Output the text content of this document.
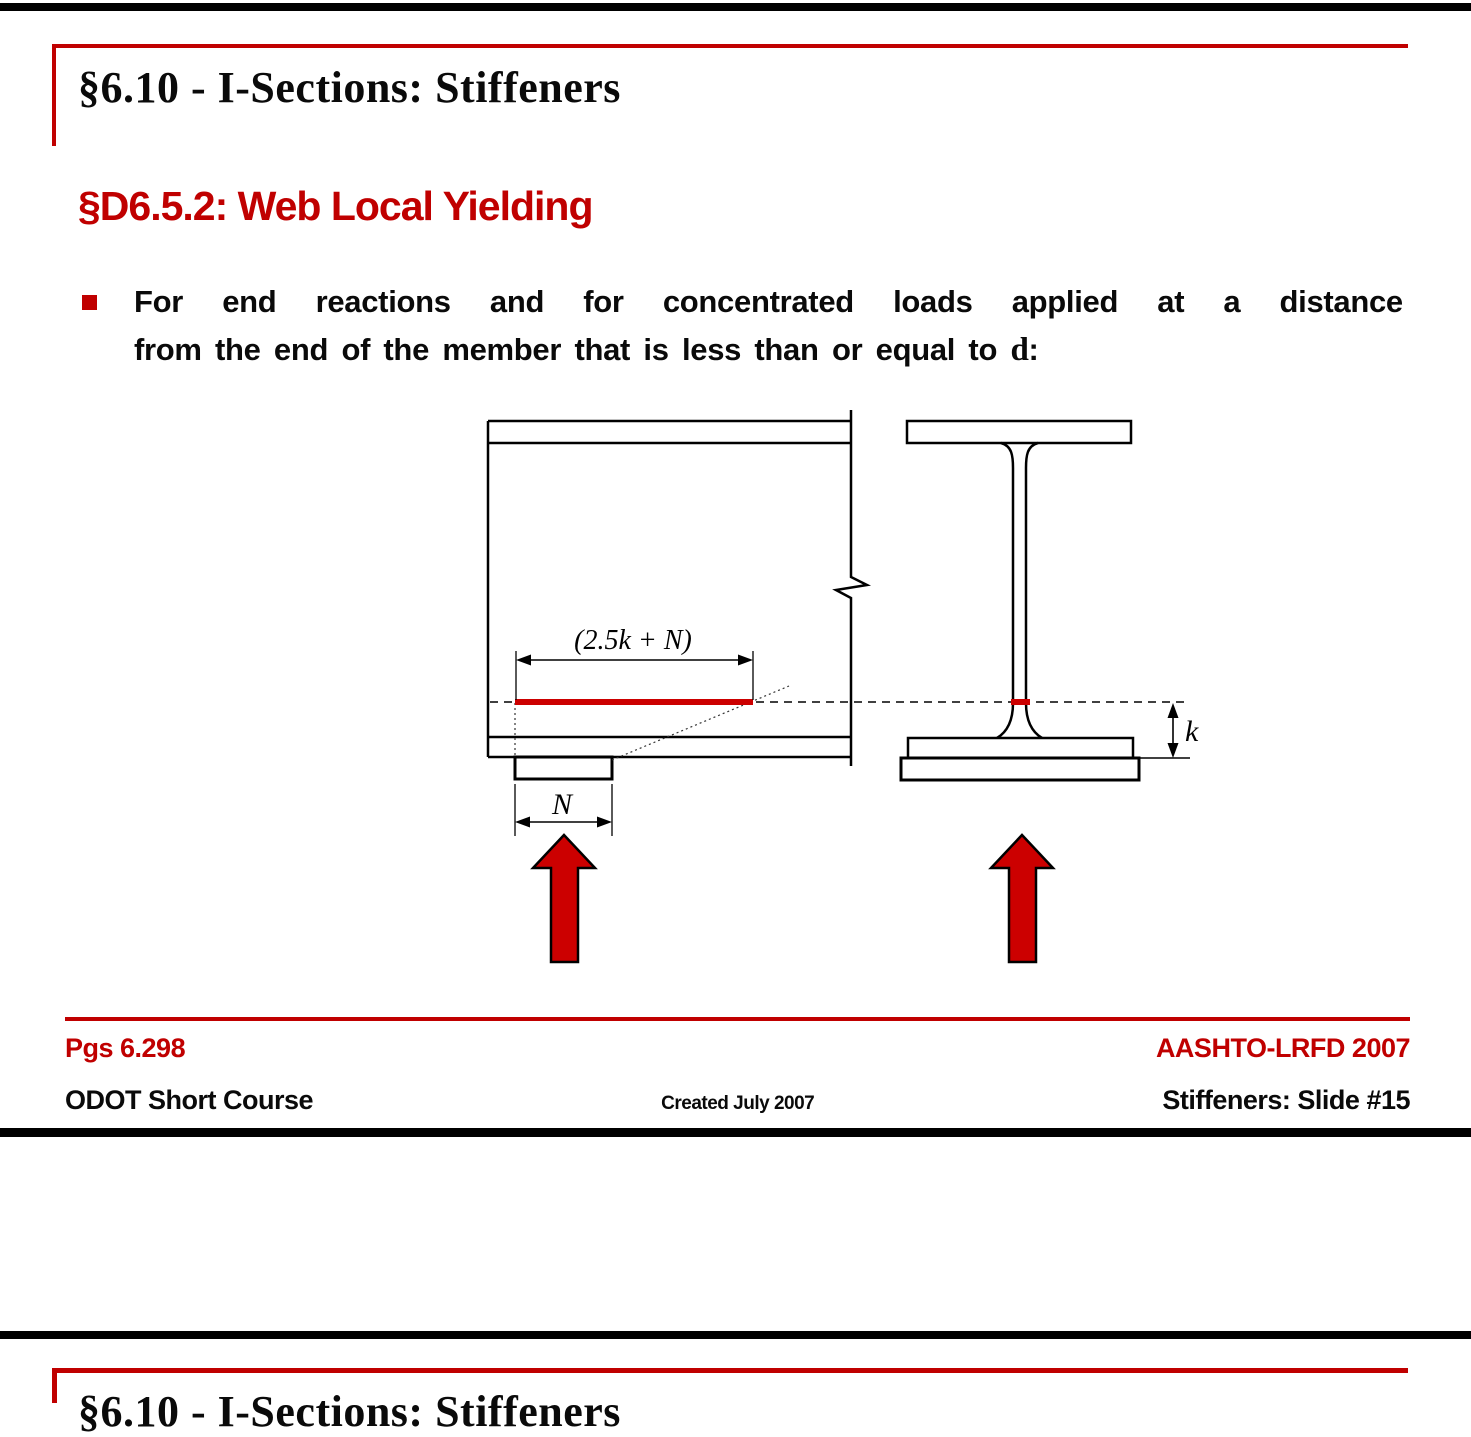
§6.10 - I-Sections: Stiffeners
§D6.5.2: Web Local Yielding
For end reactions and for concentrated loads applied at a distance
from the end of the member that is less than or equal to d:
(2.5k + N)
N
k
Pgs 6.298	AASHTO-LRFD 2007
ODOT Short Course	Created July 2007	Stiffeners: Slide #15
§6.10 - I-Sections: Stiffeners
